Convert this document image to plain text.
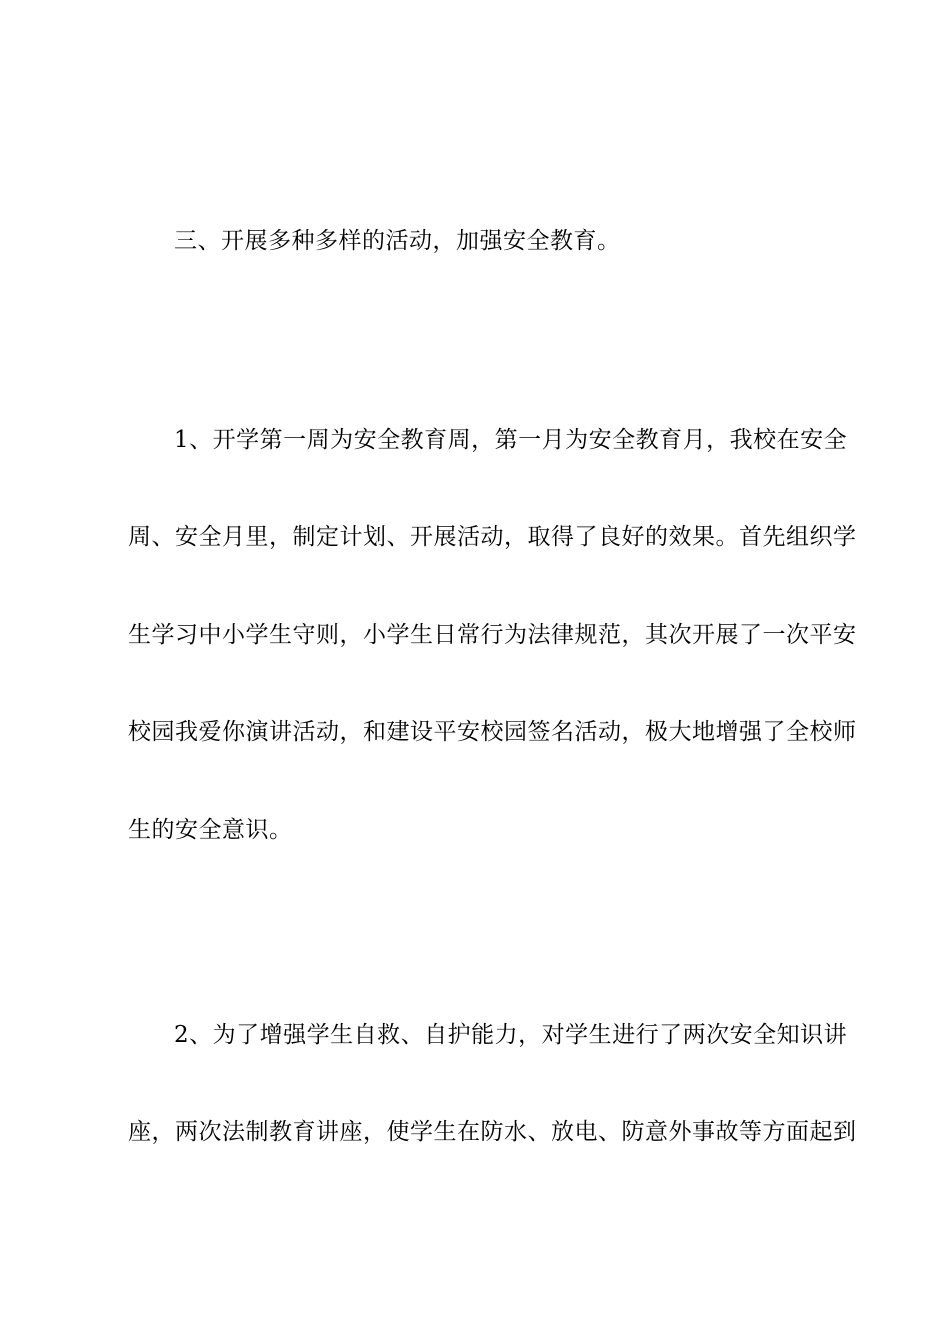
三、开展多种多样的活动，加强安全教育。
1、开学第一周为安全教育周，第一月为安全教育月，我校在安全
周、安全月里，制定计划、开展活动，取得了良好的效果。首先组织学
生学习中小学生守则，小学生日常行为法律规范，其次开展了一次平安
校园我爱你演讲活动，和建设平安校园签名活动，极大地增强了全校师
生的安全意识。
2、为了增强学生自救、自护能力，对学生进行了两次安全知识讲
座，两次法制教育讲座，使学生在防水、放电、防意外事故等方面起到
